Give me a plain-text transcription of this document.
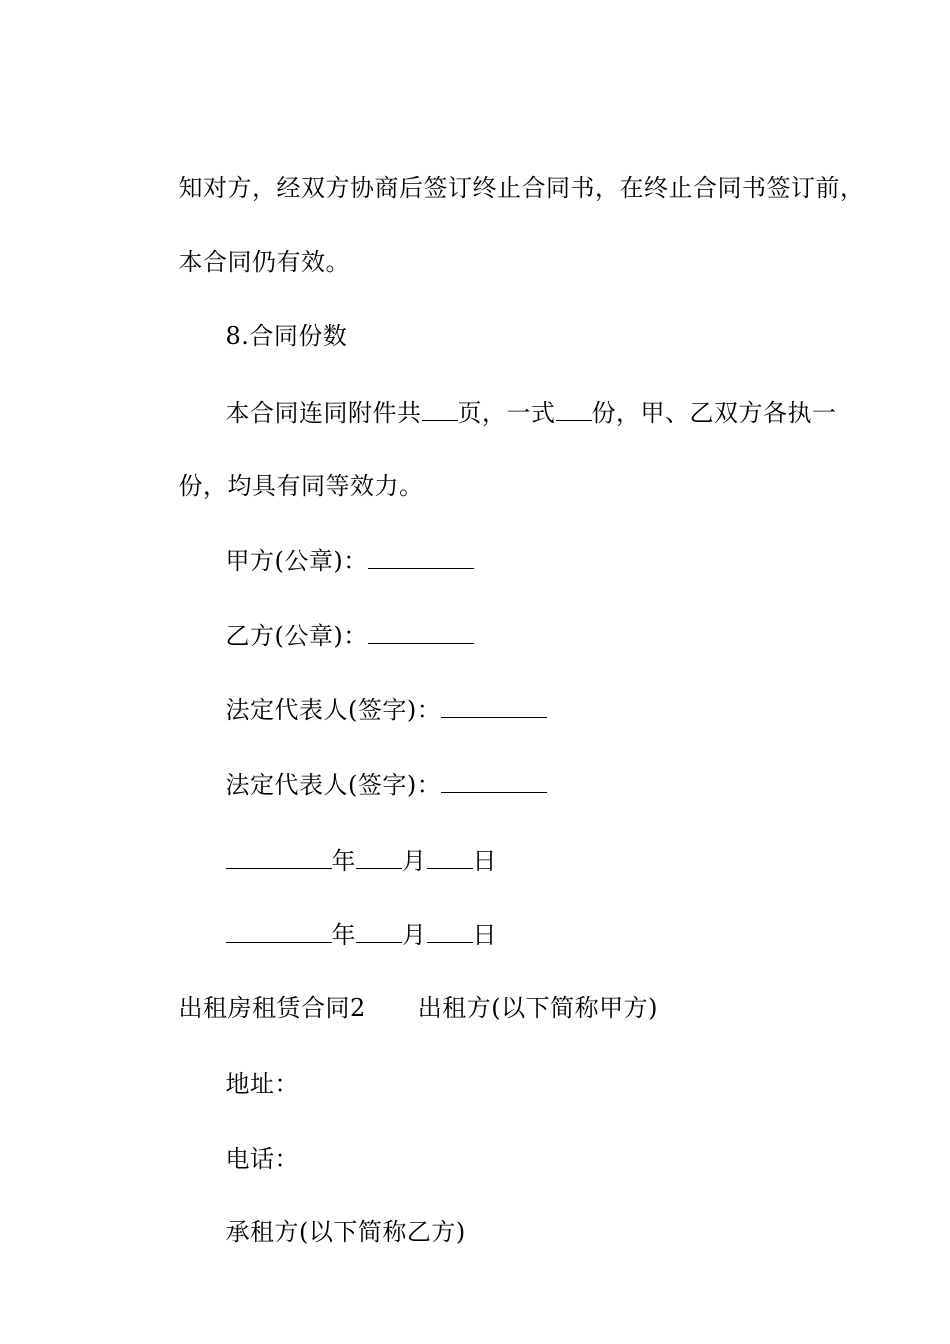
知对方，经双方协商后签订终止合同书，在终止合同书签订前，

本合同仍有效。

8.合同份数

本合同连同附件共 页，一式 份，甲、乙双方各执一

份，均具有同等效力。

甲方(公章)：

乙方(公章)：

法定代表人(签字)：

法定代表人(签字)：

年 月 日

年 月 日

出租房租赁合同2 出租方(以下简称甲方)

地址：

电话：

承租方(以下简称乙方)
